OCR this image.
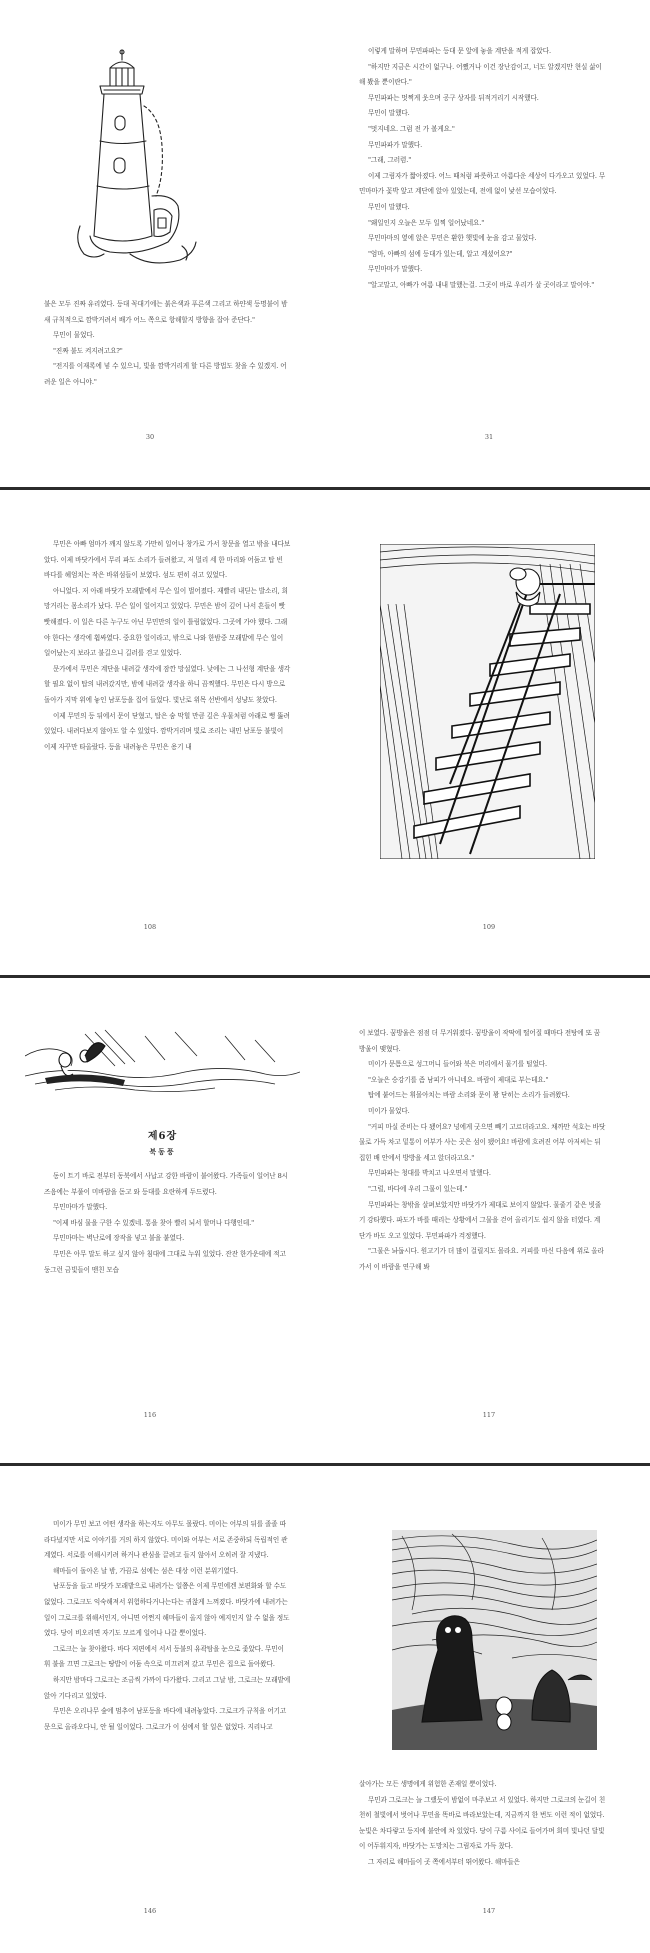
불은 모두 진짜 유리였다. 등대 꼭대기에는 붉은색과 푸른색 그리고 하얀색 등명불이 밤새 규칙적으로 깜박거려서 배가 어느 쪽으로 항해할지 방향을 잡아 준단다."

무민이 물었다.

"진짜 불도 켜지려고요?"

"전지를 이재록에 넣 수 있으니, 빛을 깜박거리게 할 다른 방법도 찾을 수 있겠지. 어려운 일은 아니야."

30

이렇게 말하며 무민파파는 등대 문 앞에 놓을 계단을 적게 잡았다.

"하지만 지금은 시간이 없구나. 어쨌거나 이건 장난감이고, 너도 알겠지만 현실 삶이 해 봤을 뿐이란다."

무민파파는 멋쩍게 웃으며 공구 상자를 뒤적거리기 시작했다.

무민이 말했다.

"멋지네요. 그럼 전 가 볼게요."

무민파파가 말했다.

"그래, 그러렴."

이제 그림자가 짧아졌다. 어느 때처럼 파릇하고 아름다운 세상이 다가오고 있었다. 무민마마가 꽃박 앞고 계단에 앉아 있었는데, 전에 없이 낯선 모습이었다.

무민이 말했다.

"왜일인지 오늘은 모두 일찍 일어났네요."

무민마마의 옆에 앉은 무민은 환한 햇빛에 눈을 감고 물었다.

"엄마, 아빠의 섬에 등대가 있는데, 알고 계셨어요?"

무민마마가 말했다.

"알고말고, 아빠가 여름 내내 말했는걸. 그곳이 바로 우리가 살 곳이라고 말이야."

31

무민은 아빠 엄마가 깨지 않도록 가만히 일어나 창가로 가서 창문을 열고 밖을 내다보았다. 이제 바닷가에서 무리 파도 소리가 들려왔고, 저 멀리 세 한 마리와 어둠고 탑 빈 바다를 헤엄치는 작은 바위섬들이 보였다. 섬도 편히 쉬고 있었다.

아니었다. 저 아래 바닷가 모래밭에서 무슨 일이 벌어졌다. 재빨리 내딛는 발소리, 희망거리는 몸소리가 났다. 무슨 일이 일어지고 있었다. 무민은 밤이 깊어 나서 흔들이 빳빳해졌다. 이 일은 다른 누구도 아닌 무민만의 일이 틀림없었다. 그곳에 가야 했다. 그래야 한다는 생각에 휩싸였다. 중요한 일이라고, 밖으로 나와 한밤중 모래밭에 무슨 일이 일어났는지 보라고 불길으니 길러를 걷고 있었다.

문가에서 무민은 계단을 내려갈 생각에 잠깐 망설였다. 낮에는 그 나선형 계단을 생각할 필요 없이 탑의 내려갔지만, 밤에 내려갈 생각을 하니 끔찍했다. 무민은 다시 방으로 돌아가 지막 위에 놓인 남포등을 집어 들었다. 빛난로 위목 선반에서 성냥도 찾았다.

이제 무민의 등 뒤에서 문이 닫혔고, 탑은 숨 막힐 만큼 깊은 우물처럼 아래로 뻥 뚫려 있었다. 내려다보지 않아도 알 수 있었다. 깜박거리며 빛로 조리는 내민 남포등 불빛이 이제 자꾸만 타올랐다. 등을 내려놓은 무민은 용기 내

108	109
제6장
북동풍

동이 트기 바로 전부터 동북에서 사납고 강한 바람이 불어왔다. 가족들이 일어난 8시즈음에는 부풀이 미바람을 돋고 와 등대를 요란하게 두드렸다.

무민마마가 말했다.

"이제 바심 물을 구한 수 있겠네. 통을 찾아 빨리 뇌서 할머나 다행인데."

무민마마는 벽난로에 장작을 넣고 불을 붙였다.

무민은 아무 말도 하고 싶지 않아 침대에 그대로 누워 있었다. 잔잔 한가운데에 적고 둥그런 금빛들이 맨친 모습

116

이 보였다. 꿈방울은 점점 더 무거워졌다. 꿈방울이 작딱에 떨어질 때마다 전탕에 또 꿈방울이 맺혔다.

미이가 문틈으로 성그머니 들어와 북은 머리에서 물기를 털었다.

"오늘은 승강기를 좀 남피가 아니네요. 바람이 제대로 부는데요."

탑에 붙어드는 휘몰아치는 바람 소리와 문이 꽝 닫히는 소리가 들려왔다.

미이가 물었다.

"커피 마실 준비는 다 됐어요? 넝에게 굿으면 빼기 고르더라고요. 채까만 석호는 바닷물로 가득 차고 밑통이 어부가 사는 곳은 섬이 됐어요! 바람에 흐려진 어부 아저씨는 뒤집힌 배 안에서 방방을 세고 앉더라고요."

무민파파는 청대를 박치고 나오면서 말했다.

"그럴, 바다에 우리 그물이 있는데."

무민파파는 창밖을 살펴보았지만 바닷가가 제대로 보이지 않았다. 물줄기 같은 빗줄기 강타했다. 파도가 바를 때리는 상황에서 그물을 걷어 올리기도 쉽지 않을 터였다. 계단가 바도 오고 있었다. 무민파파가 걱정했다.

"그물은 놔둡시다. 원고기가 더 많이 걸릴지도 몰라요. 커피를 마신 다음에 위로 올라가서 이 바람을 연구해 봐

117

미이가 무민 보고 어떤 생각을 하는지도 아무도 몰랐다. 미이는 어부의 뒤를 졸졸 따라다녔지만 서로 이야기를 거의 하지 않았다. 미이와 어부는 서로 존중하되 독립적인 관계였다. 서로를 이해시키려 하거나 관심을 끌려고 들지 않아서 오히려 잘 지냈다.

해마들이 돌아온 날 밤, 가끔로 섬에는 섬은 대상 이런 분위기였다.

남포등을 들고 바닷가 모래밭으로 내려가는 일쯤은 이제 무민에겐 보편화와 할 수도 없었다. 그로크도 익숙해져서 위험하다거나는다는 귀찮게 느껴졌다. 바닷가에 내려가는 일이 그로크를 위해서인지, 아니면 어쩐지 해마들이 올지 않아 예지인지 알 수 없을 정도였다. 당이 비오리면 자기도 모르게 일어나 나갈 뿐이었다.

그로크는 늘 찾아왔다. 바다 저편에서 서서 등불의 유곽탐을 눈으로 좇았다. 무민이 휘 불을 끄면 그로크는 땅밥이 어둠 속으로 미끄러져 갔고 무민은 집으로 돌아왔다.

하지만 밤마다 그로크는 조금씩 가까이 다가왔다. 그리고 그날 밤, 그로크는 모래밭에 앉아 기다리고 있었다.

무민은 오리나무 숲에 멈추어 남포등을 바다에 내려놓았다. 그로크가 규칙을 어기고 문으로 올라오다니, 안 될 일이었다. 그로크가 이 섬에서 할 일은 없었다. 지리나고

146

살아가는 모든 생명에게 위험한 존재일 뿐이었다.

무민과 그로크는 늘 그랬듯이 밤없이 마주보고 서 있었다. 하지만 그로크의 눈길이 친천히 철빛에서 벗어나 무민을 똑바로 바라보았는데, 지금까지 한 번도 이런 적이 없었다. 눈빛은 차다랗고 등지에 불안에 차 있었다. 당이 구름 사이로 들어가며 희미 빛나던 달빛이 어두워지자, 바닷가는 도망치는 그림자로 가득 찼다.

그 자리로 해마들이 곳 쪽에서부터 뛰어왔다. 해마들은

147
